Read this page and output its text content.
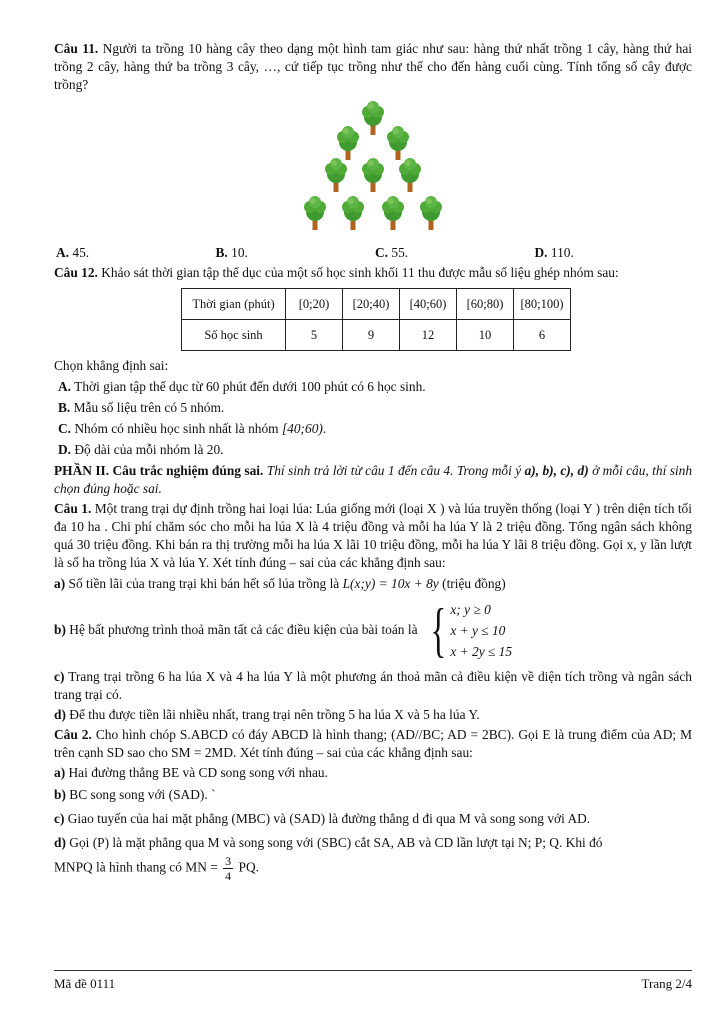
Câu 11. Người ta trồng 10 hàng cây theo dạng một hình tam giác như sau: hàng thứ nhất trồng 1 cây, hàng thứ hai trồng 2 cây, hàng thứ ba trồng 3 cây, …, cứ tiếp tục trồng như thế cho đến hàng cuối cùng. Tính tổng số cây được trồng?
A. 45.	B. 10.	C. 55.	D. 110.
Câu 12. Khảo sát thời gian tập thể dục của một số học sinh khối 11 thu được mẫu số liệu ghép nhóm sau:
Thời gian (phút)	[0;20)	[20;40)	[40;60)	[60;80)	[80;100)
Số học sinh	5	9	12	10	6
Chọn khẳng định sai:
A. Thời gian tập thể dục từ 60 phút đến dưới 100 phút có 6 học sinh.
B. Mẫu số liệu trên có 5 nhóm.
C. Nhóm có nhiều học sinh nhất là nhóm [40;60).
D. Độ dài của mỗi nhóm là 20.
PHẦN II. Câu trắc nghiệm đúng sai. Thí sinh trả lời từ câu 1 đến câu 4. Trong mỗi ý a), b), c), d) ở mỗi câu, thí sinh chọn đúng hoặc sai.
Câu 1. Một trang trại dự định trồng hai loại lúa: Lúa giống mới (loại X ) và lúa truyền thống (loại Y ) trên diện tích tối đa 10 ha . Chi phí chăm sóc cho mỗi ha lúa X là 4 triệu đồng và mỗi ha lúa Y là 2 triệu đồng. Tổng ngân sách không quá 30 triệu đồng. Khi bán ra thị trường mỗi ha lúa X lãi 10 triệu đồng, mỗi ha lúa Y lãi 8 triệu đồng. Gọi x, y lần lượt là số ha trồng lúa X và lúa Y. Xét tính đúng – sai của các khẳng định sau:
a) Số tiền lãi của trang trại khi bán hết số lúa trồng là L(x;y) = 10x + 8y (triệu đồng)
b)
Hệ bất phương trình thoả mãn tất cả các điều kiện của bài toán là { x; y ≥ 0
x + y ≤ 10
x + 2y ≤ 15
c) Trang trại trồng 6 ha lúa X và 4 ha lúa Y là một phương án thoả mãn cả điều kiện về diện tích trồng và ngân sách trang trại có.
d) Để thu được tiền lãi nhiều nhất, trang trại nên trồng 5 ha lúa X và 5 ha lúa Y.
Câu 2. Cho hình chóp S.ABCD có đáy ABCD là hình thang; (AD//BC; AD = 2BC). Gọi E là trung điểm của AD; M trên cạnh SD sao cho SM = 2MD. Xét tính đúng – sai của các khẳng định sau:
a) Hai đường thẳng BE và CD song song với nhau.
b) BC song song với (SAD). `
c) Giao tuyến của hai mặt phẳng (MBC) và (SAD) là đường thẳng d đi qua M và song song với AD.
d) Gọi (P) là mặt phẳng qua M và song song với (SBC) cắt SA, AB và CD lần lượt tại N; P; Q. Khi đó
MNPQ là hình thang có MN = $\frac{3}{4}$ PQ.
Mã đề 0111	Trang 2/4
